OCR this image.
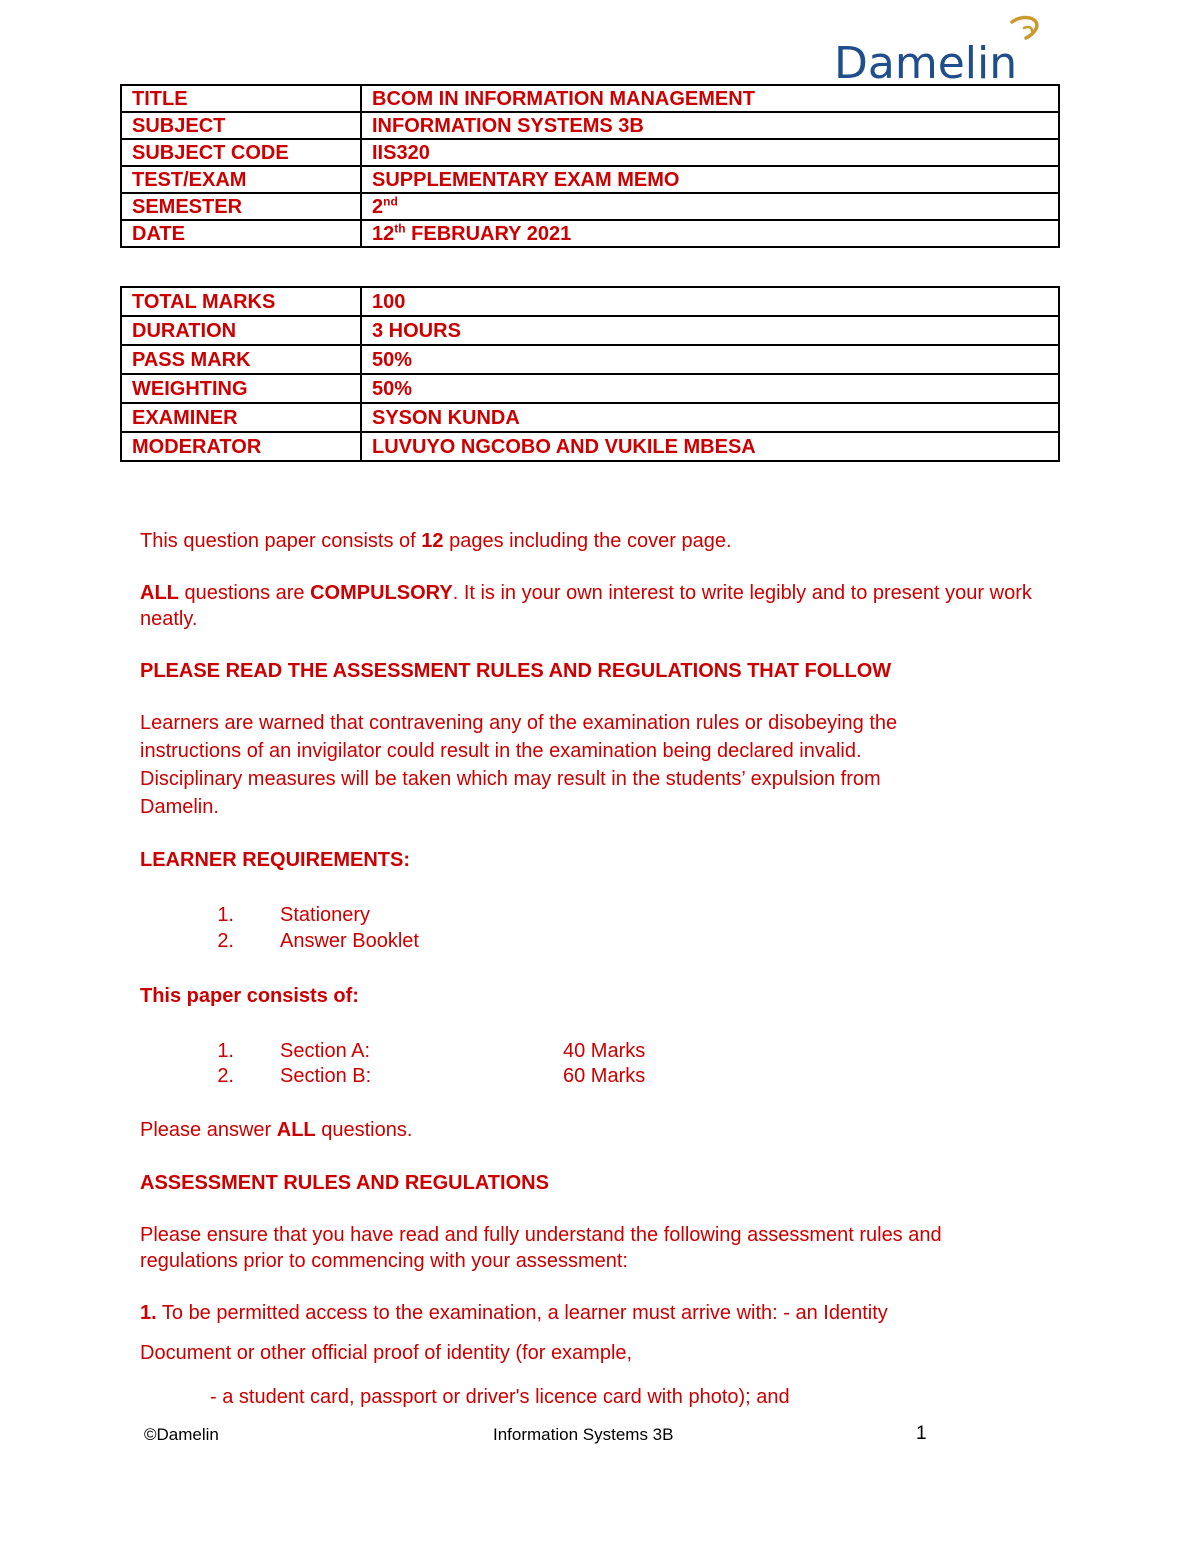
Damelin
TITLE	BCOM IN INFORMATION MANAGEMENT
SUBJECT	INFORMATION SYSTEMS 3B
SUBJECT CODE	IIS320
TEST/EXAM	SUPPLEMENTARY EXAM MEMO
SEMESTER	2nd
DATE	12th FEBRUARY 2021
TOTAL MARKS	100
DURATION	3 HOURS
PASS MARK	50%
WEIGHTING	50%
EXAMINER	SYSON KUNDA
MODERATOR	LUVUYO NGCOBO AND VUKILE MBESA

This question paper consists of 12 pages including the cover page.

ALL questions are COMPULSORY. It is in your own interest to write legibly and to present your work neatly.

PLEASE READ THE ASSESSMENT RULES AND REGULATIONS THAT FOLLOW

Learners are warned that contravening any of the examination rules or disobeying the

instructions of an invigilator could result in the examination being declared invalid.

Disciplinary measures will be taken which may result in the students’ expulsion from

Damelin.

LEARNER REQUIREMENTS:

1. Stationery
2. Answer Booklet

This paper consists of:

1. Section A:	40 Marks
2. Section B:	60 Marks

Please answer ALL questions.

ASSESSMENT RULES AND REGULATIONS

Please ensure that you have read and fully understand the following assessment rules and

regulations prior to commencing with your assessment:

1. To be permitted access to the examination, a learner must arrive with: - an Identity

Document or other official proof of identity (for example,

- a student card, passport or driver's licence card with photo); and

©Damelin	Information Systems 3B	1
